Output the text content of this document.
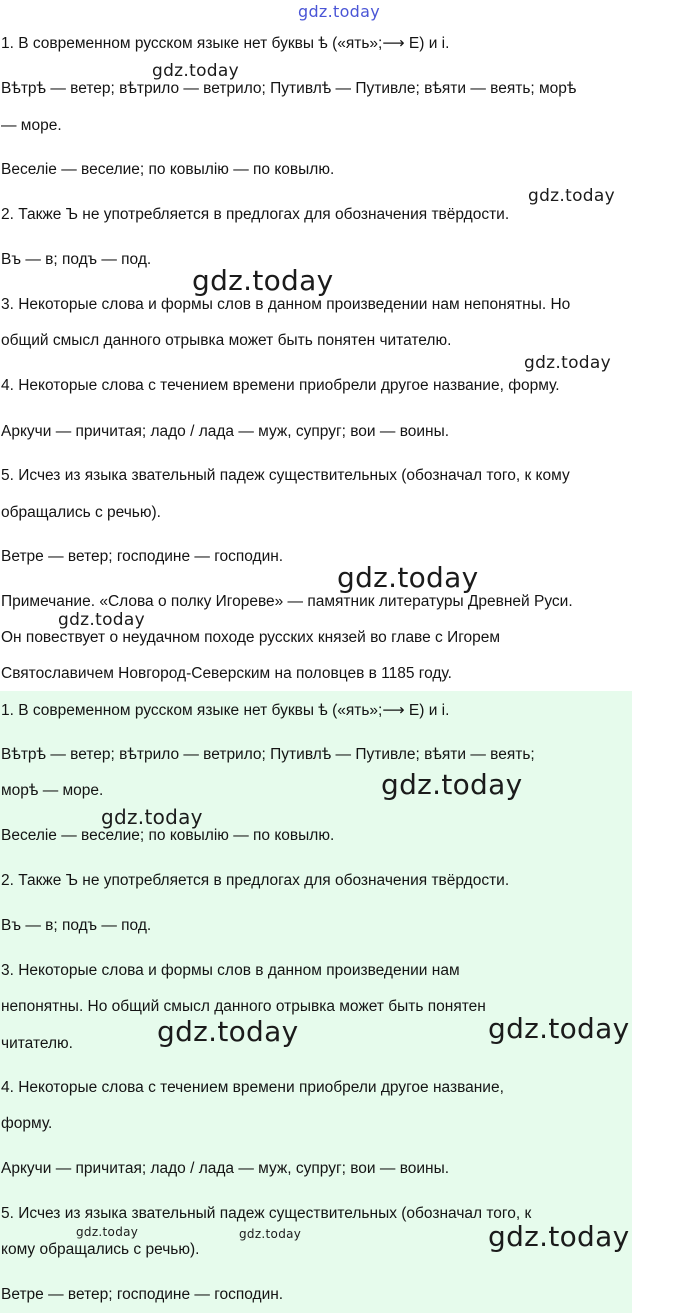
1. В современном русском языке нет буквы ѣ («ять»;⟶ Е) и і.

Вѣтрѣ — ветер; вѣтрило — ветрило; Путивлѣ — Путивле; вѣяти — веять; морѣ

— море.

Веселіе — веселие; по ковылію — по ковылю.

2. Также Ъ не употребляется в предлогах для обозначения твёрдости.

Въ — в; подъ — под.

3. Некоторые слова и формы слов в данном произведении нам непонятны. Но

общий смысл данного отрывка может быть понятен читателю.

4. Некоторые слова с течением времени приобрели другое название, форму.

Аркучи — причитая; ладо / лада — муж, супруг; вои — воины.

5. Исчез из языка звательный падеж существительных (обозначал того, к кому

обращались с речью).

Ветре — ветер; господине — господин.

Примечание. «Слова о полку Игореве» — памятник литературы Древней Руси.

Он повествует о неудачном походе русских князей во главе с Игорем

Святославичем Новгород-Северским на половцев в 1185 году.

1. В современном русском языке нет буквы ѣ («ять»;⟶ Е) и і.

Вѣтрѣ — ветер; вѣтрило — ветрило; Путивлѣ — Путивле; вѣяти — веять;

морѣ — море.

Веселіе — веселие; по ковылію — по ковылю.

2. Также Ъ не употребляется в предлогах для обозначения твёрдости.

Въ — в; подъ — под.

3. Некоторые слова и формы слов в данном произведении нам

непонятны. Но общий смысл данного отрывка может быть понятен

читателю.

4. Некоторые слова с течением времени приобрели другое название,

форму.

Аркучи — причитая; ладо / лада — муж, супруг; вои — воины.

5. Исчез из языка звательный падеж существительных (обозначал того, к

кому обращались с речью).

Ветре — ветер; господине — господин.

gdz.today
gdz.today
gdz.today
gdz.today
gdz.today
gdz.today
gdz.today
gdz.today
gdz.today
gdz.today	gdz.today
gdz.today	gdz.today	gdz.today
